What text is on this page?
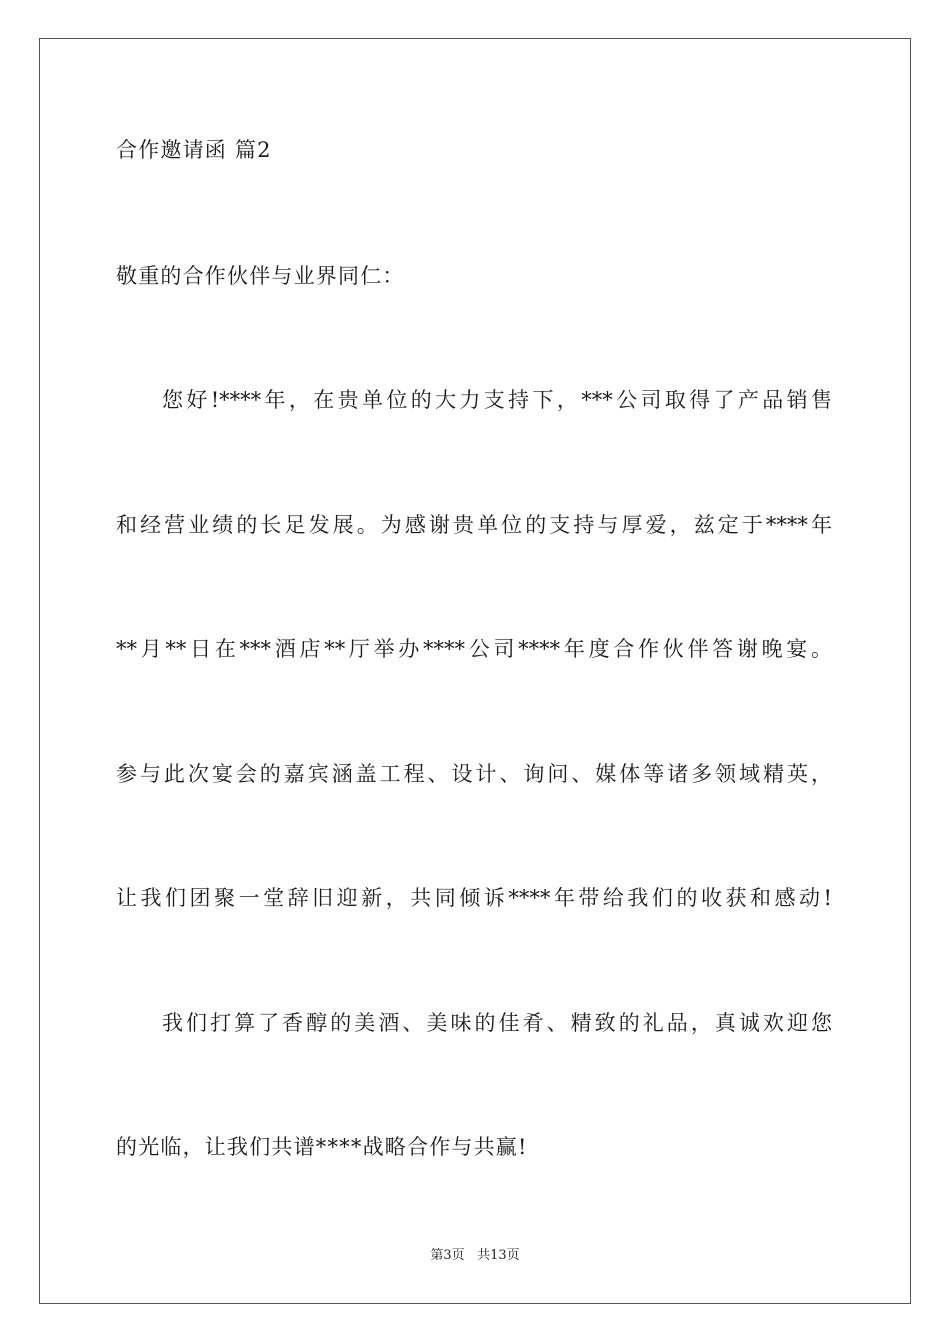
合作邀请函 篇2
敬重的合作伙伴与业界同仁：
您好!****年，在贵单位的大力支持下，***公司取得了产品销售
和经营业绩的长足发展。为感谢贵单位的支持与厚爱，兹定于****年
**月**日在***酒店**厅举办****公司****年度合作伙伴答谢晚宴。
参与此次宴会的嘉宾涵盖工程、设计、询问、媒体等诸多领域精英，
让我们团聚一堂辞旧迎新，共同倾诉****年带给我们的收获和感动!
我们打算了香醇的美酒、美味的佳肴、精致的礼品，真诚欢迎您
的光临，让我们共谱****战略合作与共赢!
第3页 共13页
